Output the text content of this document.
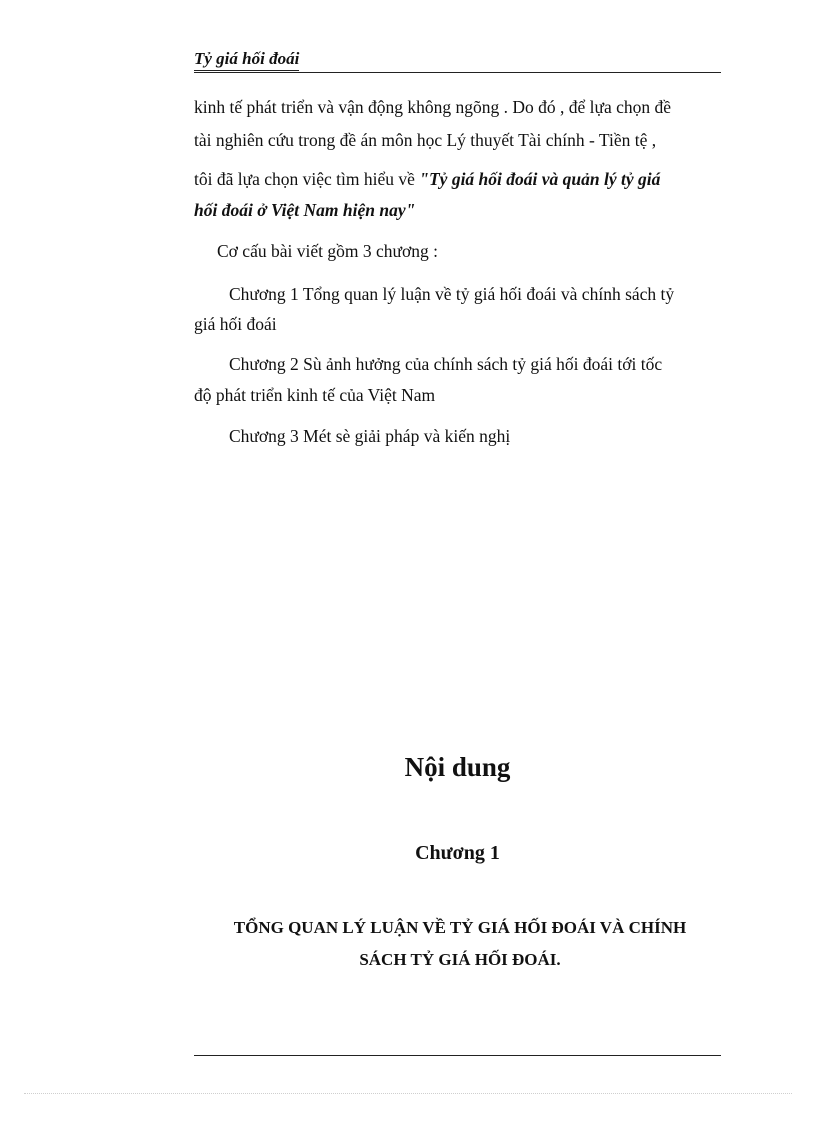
Tỷ giá hối đoái

kinh tế phát triển và vận động không ngõng . Do đó , để lựa chọn đề

tài nghiên cứu trong đề án môn học Lý thuyết Tài chính - Tiền tệ ,

tôi đã lựa chọn việc tìm hiểu về "Tỷ giá hối đoái và quản lý tỷ giá

hối đoái ở Việt Nam hiện nay"

Cơ cấu bài viết gồm 3 chương :

Chương 1 Tổng quan lý luận về tỷ giá hối đoái và chính sách tỷ

giá hối đoái

Chương 2 Sù ảnh hưởng của chính sách tỷ giá hối đoái tới tốc

độ phát triển kinh tế của Việt Nam

Chương 3 Mét sè giải pháp và kiến nghị

Nội dung

Chương 1

TỔNG QUAN LÝ LUẬN VỀ TỶ GIÁ HỐI ĐOÁI VÀ CHÍNH

SÁCH TỶ GIÁ HỐI ĐOÁI.
